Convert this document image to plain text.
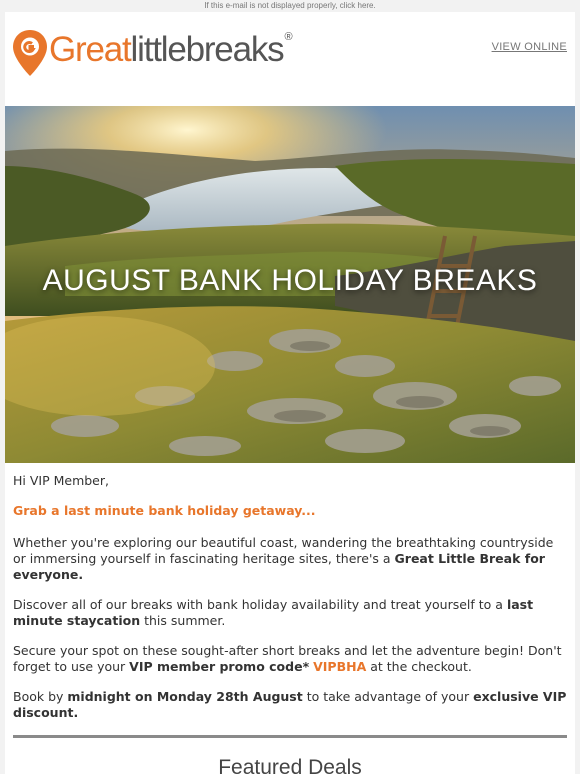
If this e-mail is not displayed properly, click here.
Greatlittlebreaks ®
VIEW ONLINE
AUGUST BANK HOLIDAY BREAKS

Hi VIP Member,

Grab a last minute bank holiday getaway...

Whether you're exploring our beautiful coast, wandering the breathtaking countryside or immersing yourself in fascinating heritage sites, there's a Great Little Break for everyone.

Discover all of our breaks with bank holiday availability and treat yourself to a last minute staycation this summer.

Secure your spot on these sought-after short breaks and let the adventure begin! Don't forget to use your VIP member promo code* VIPBHA at the checkout.

Book by midnight on Monday 28th August to take advantage of your exclusive VIP discount.

Featured Deals
